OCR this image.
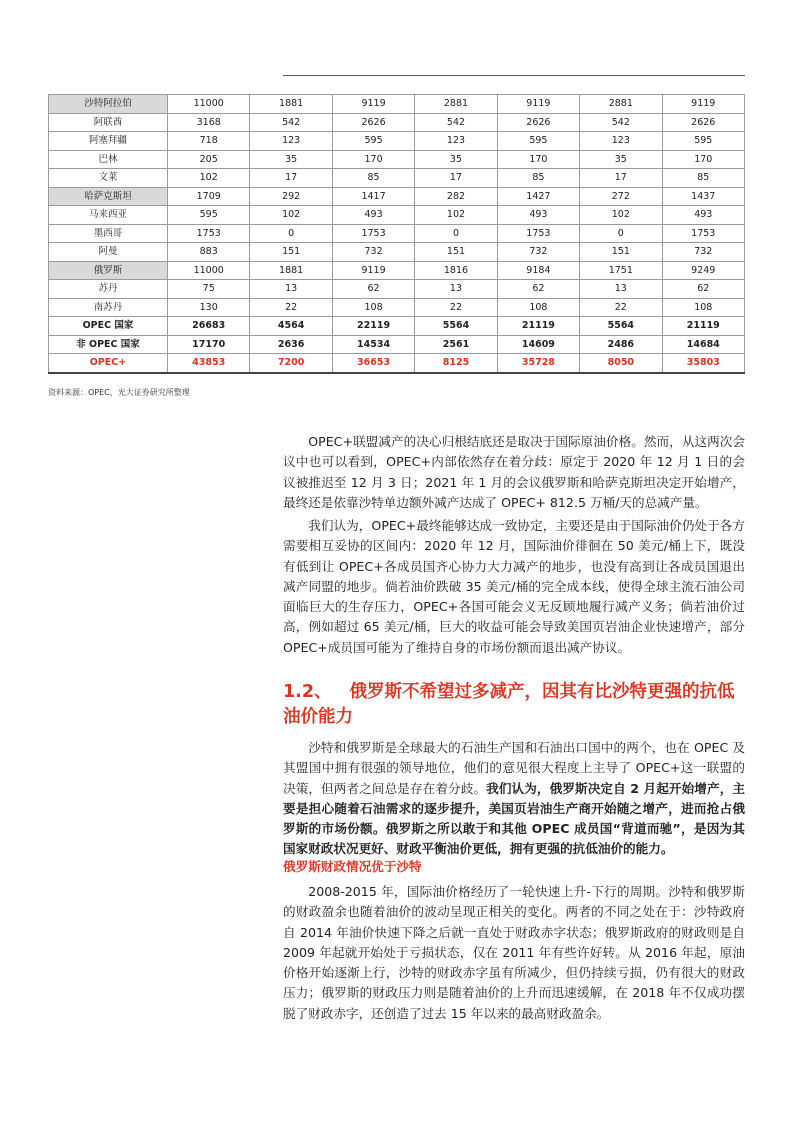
沙特阿拉伯	11000	1881	9119	2881	9119	2881	9119
阿联酋	3168	542	2626	542	2626	542	2626
阿塞拜疆	718	123	595	123	595	123	595
巴林	205	35	170	35	170	35	170
文莱	102	17	85	17	85	17	85
哈萨克斯坦	1709	292	1417	282	1427	272	1437
马来西亚	595	102	493	102	493	102	493
墨西哥	1753	0	1753	0	1753	0	1753
阿曼	883	151	732	151	732	151	732
俄罗斯	11000	1881	9119	1816	9184	1751	9249
苏丹	75	13	62	13	62	13	62
南苏丹	130	22	108	22	108	22	108
OPEC 国家	26683	4564	22119	5564	21119	5564	21119
非 OPEC 国家	17170	2636	14534	2561	14609	2486	14684
OPEC+	43853	7200	36653	8125	35728	8050	35803
资料来源：OPEC，光大证券研究所整理

OPEC+联盟减产的决心归根结底还是取决于国际原油价格。然而，从这两次会议中也可以看到，OPEC+内部依然存在着分歧：原定于 2020 年 12 月 1 日的会议被推迟至 12 月 3 日；2021 年 1 月的会议俄罗斯和哈萨克斯坦决定开始增产，最终还是依靠沙特单边额外减产达成了 OPEC+ 812.5 万桶/天的总减产量。

我们认为，OPEC+最终能够达成一致协定，主要还是由于国际油价仍处于各方需要相互妥协的区间内：2020 年 12 月，国际油价徘徊在 50 美元/桶上下，既没有低到让 OPEC+各成员国齐心协力大力减产的地步，也没有高到让各成员国退出减产同盟的地步。倘若油价跌破 35 美元/桶的完全成本线，使得全球主流石油公司面临巨大的生存压力，OPEC+各国可能会义无反顾地履行减产义务；倘若油价过高，例如超过 65 美元/桶，巨大的收益可能会导致美国页岩油企业快速增产，部分 OPEC+成员国可能为了维持自身的市场份额而退出减产协议。

1.2、 俄罗斯不希望过多减产，因其有比沙特更强的抗低油价能力

沙特和俄罗斯是全球最大的石油生产国和石油出口国中的两个，也在 OPEC 及其盟国中拥有很强的领导地位，他们的意见很大程度上主导了 OPEC+这一联盟的决策，但两者之间总是存在着分歧。我们认为，俄罗斯决定自 2 月起开始增产，主要是担心随着石油需求的逐步提升，美国页岩油生产商开始随之增产，进而抢占俄罗斯的市场份额。俄罗斯之所以敢于和其他 OPEC 成员国“背道而驰”，是因为其国家财政状况更好、财政平衡油价更低，拥有更强的抗低油价的能力。

俄罗斯财政情况优于沙特

2008-2015 年，国际油价格经历了一轮快速上升-下行的周期。沙特和俄罗斯的财政盈余也随着油价的波动呈现正相关的变化。两者的不同之处在于：沙特政府自 2014 年油价快速下降之后就一直处于财政赤字状态；俄罗斯政府的财政则是自 2009 年起就开始处于亏损状态，仅在 2011 年有些许好转。从 2016 年起，原油价格开始逐渐上行，沙特的财政赤字虽有所减少，但仍持续亏损，仍有很大的财政压力；俄罗斯的财政压力则是随着油价的上升而迅速缓解，在 2018 年不仅成功摆脱了财政赤字，还创造了过去 15 年以来的最高财政盈余。
